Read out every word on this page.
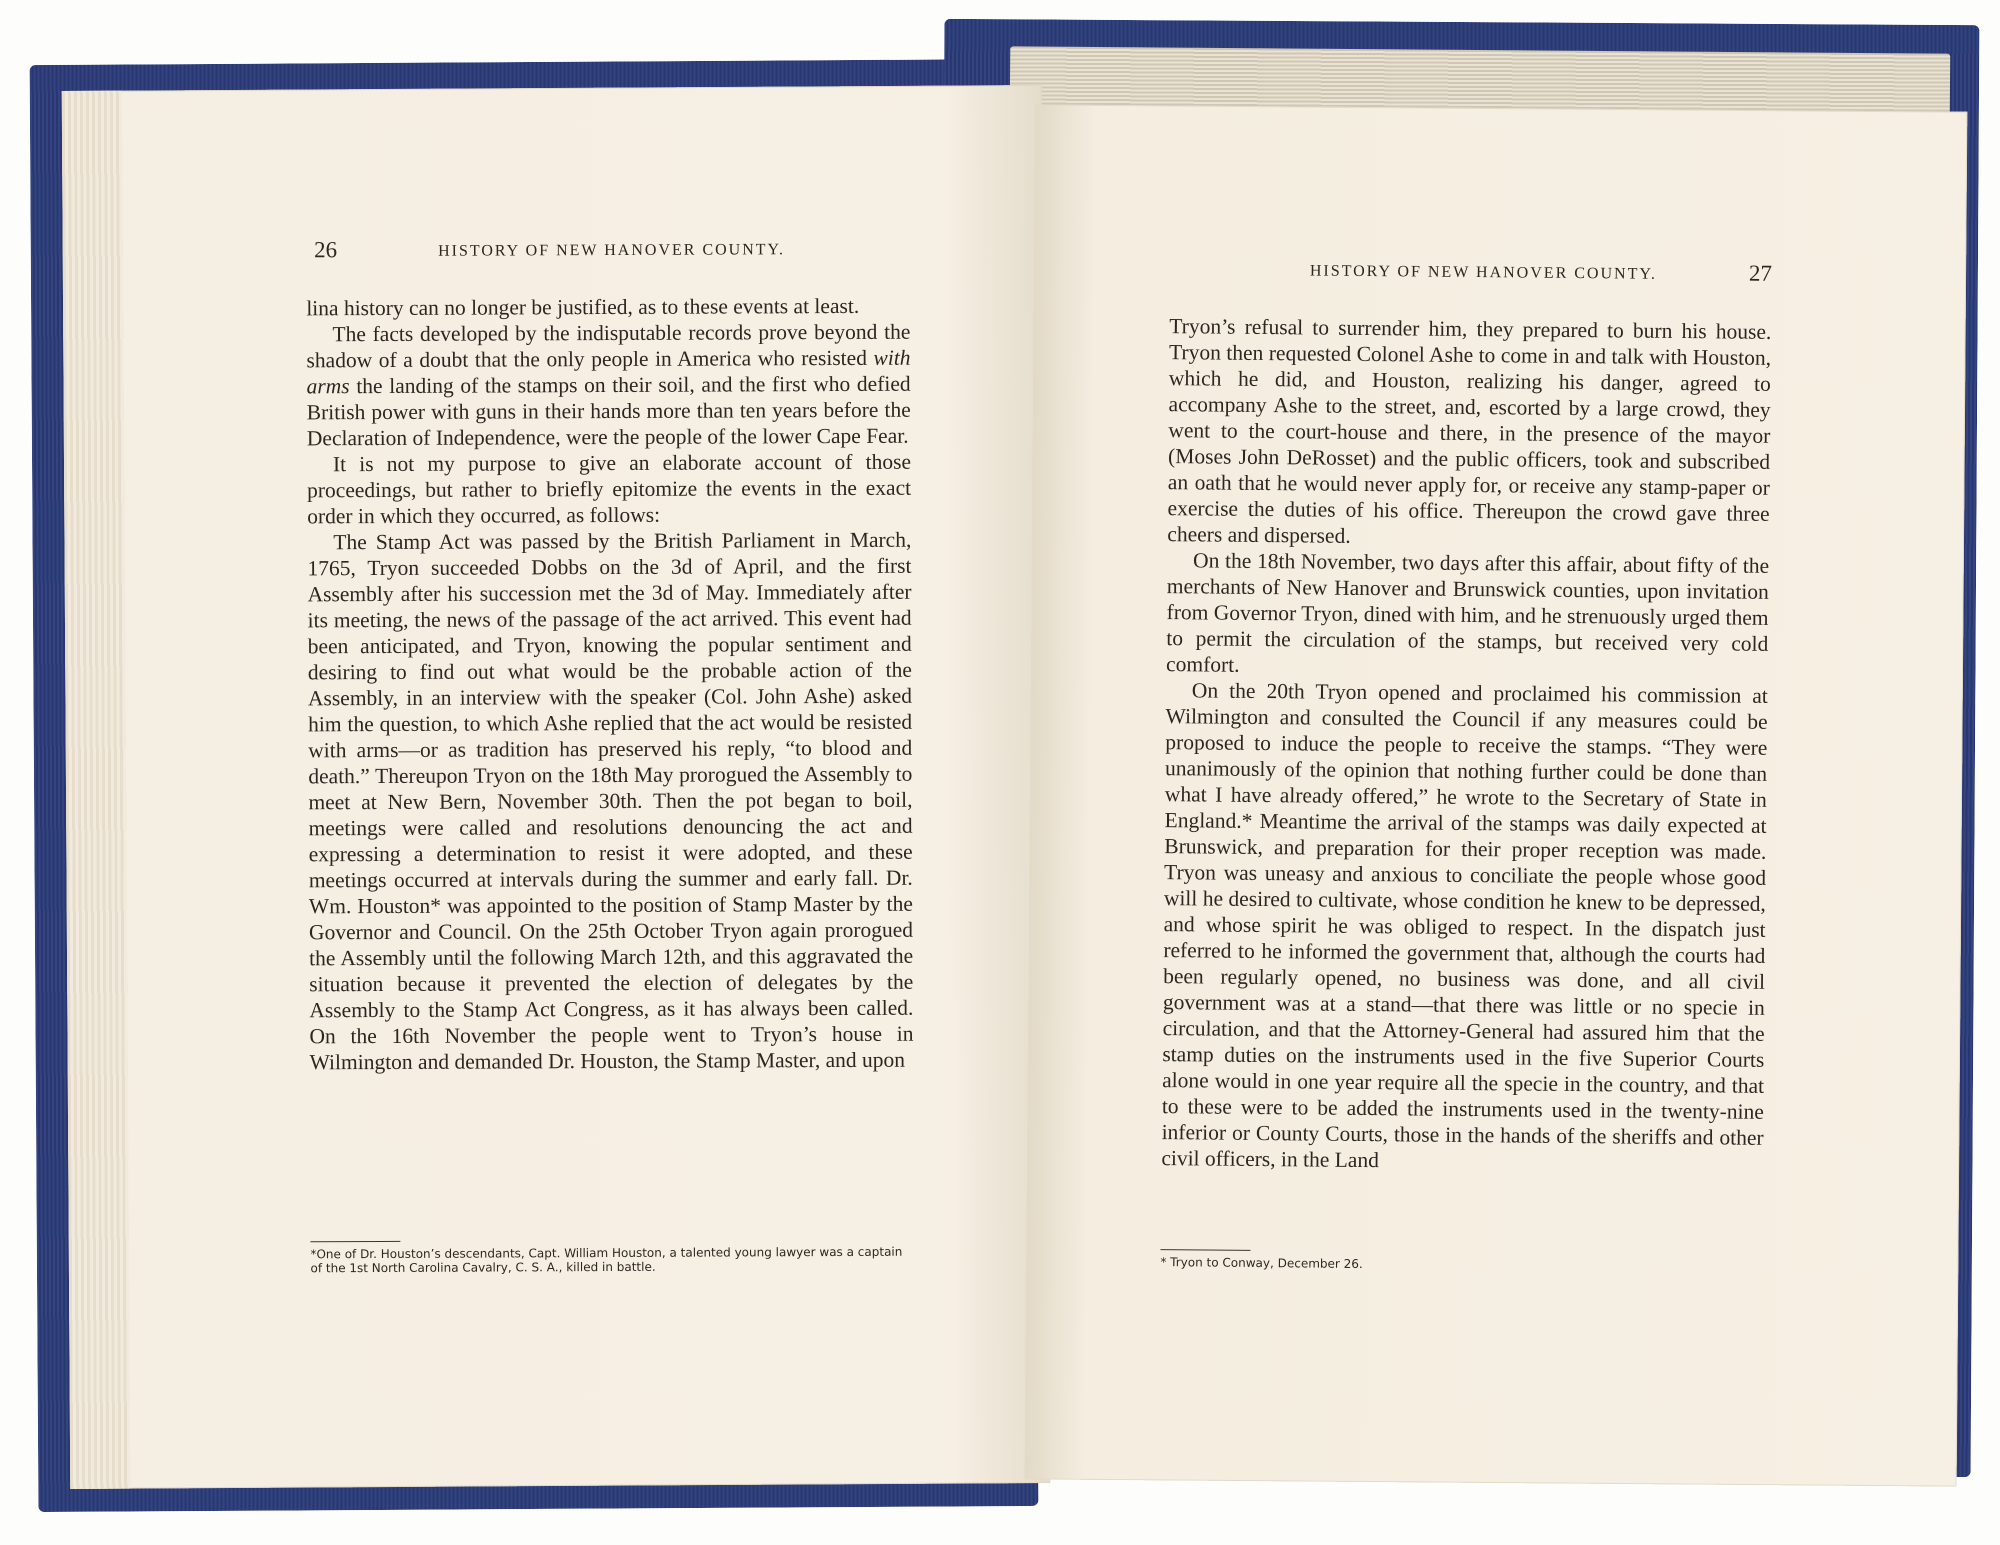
26	HISTORY OF NEW HANOVER COUNTY.

lina history can no longer be justified, as to these events at least.

The facts developed by the indisputable records prove beyond the shadow of a doubt that the only people in America who resisted with arms the landing of the stamps on their soil, and the first who defied British power with guns in their hands more than ten years before the Declaration of Independence, were the people of the lower Cape Fear.

It is not my purpose to give an elaborate account of those proceedings, but rather to briefly epitomize the events in the exact order in which they occurred, as follows:

The Stamp Act was passed by the British Parliament in March, 1765, Tryon succeeded Dobbs on the 3d of April, and the first Assembly after his succession met the 3d of May. Immediately after its meeting, the news of the passage of the act arrived. This event had been anticipated, and Tryon, knowing the popular sentiment and desiring to find out what would be the probable action of the Assembly, in an interview with the speaker (Col. John Ashe) asked him the question, to which Ashe replied that the act would be resisted with arms—or as tradition has preserved his reply, “to blood and death.” Thereupon Tryon on the 18th May prorogued the Assembly to meet at New Bern, November 30th. Then the pot began to boil, meetings were called and resolutions denouncing the act and expressing a determination to resist it were adopted, and these meetings occurred at intervals during the summer and early fall. Dr. Wm. Houston* was appointed to the position of Stamp Master by the Governor and Council. On the 25th October Tryon again prorogued the Assembly until the following March 12th, and this aggravated the situation because it prevented the election of delegates by the Assembly to the Stamp Act Congress, as it has always been called. On the 16th November the people went to Tryon’s house in Wilmington and demanded Dr. Houston, the Stamp Master, and upon

*One of Dr. Houston’s descendants, Capt. William Houston, a talented young lawyer was a captain of the 1st North Carolina Cavalry, C. S. A., killed in battle.
HISTORY OF NEW HANOVER COUNTY.	27

Tryon’s refusal to surrender him, they prepared to burn his house. Tryon then requested Colonel Ashe to come in and talk with Houston, which he did, and Houston, realizing his danger, agreed to accompany Ashe to the street, and, escorted by a large crowd, they went to the court-house and there, in the presence of the mayor (Moses John DeRosset) and the public officers, took and subscribed an oath that he would never apply for, or receive any stamp-paper or exercise the duties of his office. Thereupon the crowd gave three cheers and dispersed.

On the 18th November, two days after this affair, about fifty of the merchants of New Hanover and Brunswick counties, upon invitation from Governor Tryon, dined with him, and he strenuously urged them to permit the circulation of the stamps, but received very cold comfort.

On the 20th Tryon opened and proclaimed his commission at Wilmington and consulted the Council if any measures could be proposed to induce the people to receive the stamps. “They were unanimously of the opinion that nothing further could be done than what I have already offered,” he wrote to the Secretary of State in England.* Meantime the arrival of the stamps was daily expected at Brunswick, and preparation for their proper reception was made. Tryon was uneasy and anxious to conciliate the people whose good will he desired to cultivate, whose condition he knew to be depressed, and whose spirit he was obliged to respect. In the dispatch just referred to he informed the government that, although the courts had been regularly opened, no business was done, and all civil government was at a stand—that there was little or no specie in circulation, and that the Attorney-General had assured him that the stamp duties on the instruments used in the five Superior Courts alone would in one year require all the specie in the country, and that to these were to be added the instruments used in the twenty-nine inferior or County Courts, those in the hands of the sheriffs and other civil officers, in the Land

* Tryon to Conway, December 26.
